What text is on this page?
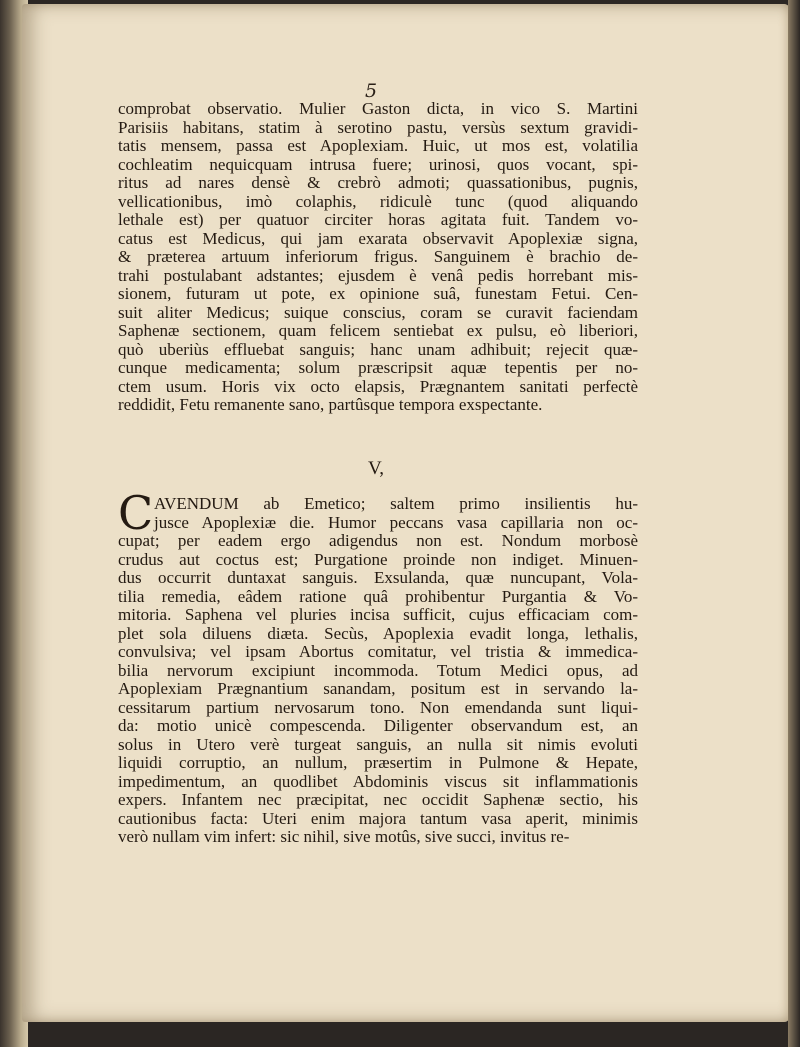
5
comprobat observatio. Mulier Gaston dicta, in vico S. Martini
Parisiis habitans, statim à serotino pastu, versùs sextum gravidi-
tatis mensem, passa est Apoplexiam. Huic, ut mos est, volatilia
cochleatim nequicquam intrusa fuere; urinosi, quos vocant, spi-
ritus ad nares densè & crebrò admoti; quassationibus, pugnis,
vellicationibus, imò colaphis, ridiculè tunc (quod aliquando
lethale est) per quatuor circiter horas agitata fuit. Tandem vo-
catus est Medicus, qui jam exarata observavit Apoplexiæ signa,
& præterea artuum inferiorum frigus. Sanguinem è brachio de-
trahi postulabant adstantes; ejusdem è venâ pedis horrebant mis-
sionem, futuram ut pote, ex opinione suâ, funestam Fetui. Cen-
suit aliter Medicus; suique conscius, coram se curavit faciendam
Saphenæ sectionem, quam felicem sentiebat ex pulsu, eò liberiori,
quò uberiùs effluebat sanguis; hanc unam adhibuit; rejecit quæ-
cunque medicamenta; solum præscripsit aquæ tepentis per no-
ctem usum. Horis vix octo elapsis, Prægnantem sanitati perfectè
reddidit, Fetu remanente sano, partûsque tempora exspectante.
V,
C AVENDUM ab Emetico; saltem primo insilientis hu-
jusce Apoplexiæ die. Humor peccans vasa capillaria non oc-
cupat; per eadem ergo adigendus non est. Nondum morbosè
crudus aut coctus est; Purgatione proinde non indiget. Minuen-
dus occurrit duntaxat sanguis. Exsulanda, quæ nuncupant, Vola-
tilia remedia, eâdem ratione quâ prohibentur Purgantia & Vo-
mitoria. Saphena vel pluries incisa sufficit, cujus efficaciam com-
plet sola diluens diæta. Secùs, Apoplexia evadit longa, lethalis,
convulsiva; vel ipsam Abortus comitatur, vel tristia & immedica-
bilia nervorum excipiunt incommoda. Totum Medici opus, ad
Apoplexiam Prægnantium sanandam, positum est in servando la-
cessitarum partium nervosarum tono. Non emendanda sunt liqui-
da: motio unicè compescenda. Diligenter observandum est, an
solus in Utero verè turgeat sanguis, an nulla sit nimis evoluti
liquidi corruptio, an nullum, præsertim in Pulmone & Hepate,
impedimentum, an quodlibet Abdominis viscus sit inflammationis
expers. Infantem nec præcipitat, nec occidit Saphenæ sectio, his
cautionibus facta: Uteri enim majora tantum vasa aperit, minimis
verò nullam vim infert: sic nihil, sive motûs, sive succi, invitus re-
